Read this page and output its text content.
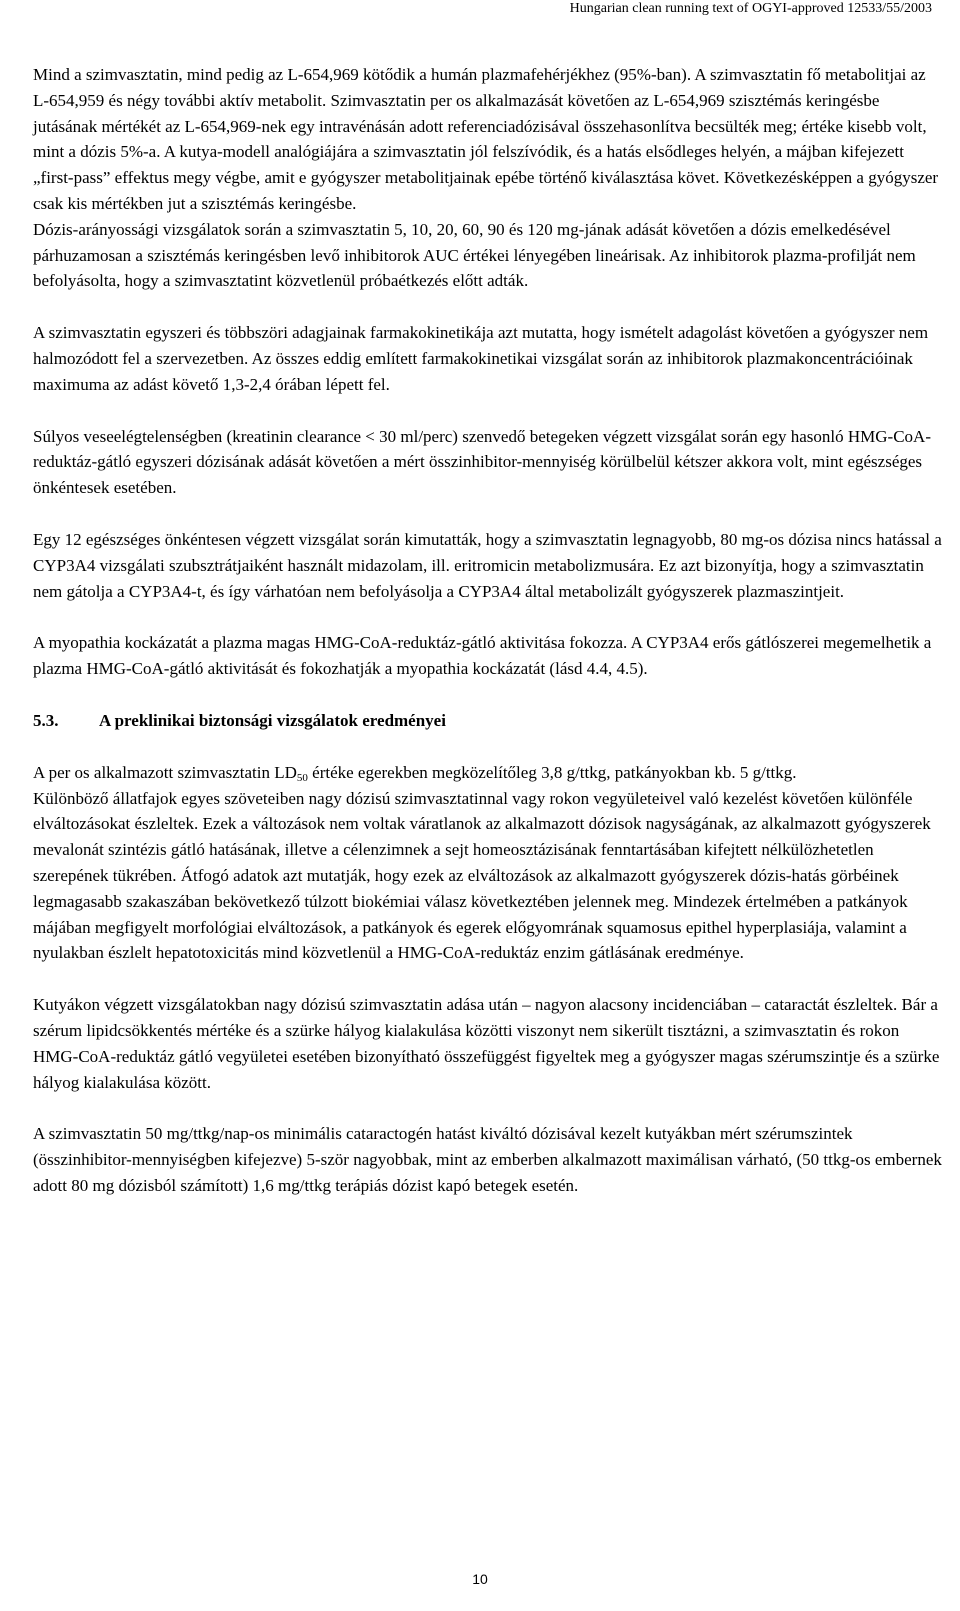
Hungarian clean running text of OGYI-approved 12533/55/2003

Mind a szimvasztatin, mind pedig az L-654,969 kötődik a humán plazmafehérjékhez (95%-ban). A szimvasztatin fő metabolitjai az L-654,959 és négy további aktív metabolit. Szimvasztatin per os alkalmazását követően az L-654,969 szisztémás keringésbe jutásának mértékét az L-654,969-nek egy intravénásán adott referenciadózisával összehasonlítva becsülték meg; értéke kisebb volt, mint a dózis 5%-a. A kutya-modell analógiájára a szimvasztatin jól felszívódik, és a hatás elsődleges helyén, a májban kifejezett „first-pass” effektus megy végbe, amit e gyógyszer metabolitjainak epébe történő kiválasztása követ. Következésképpen a gyógyszer csak kis mértékben jut a szisztémás keringésbe.

Dózis-arányossági vizsgálatok során a szimvasztatin 5, 10, 20, 60, 90 és 120 mg-jának adását követően a dózis emelkedésével párhuzamosan a szisztémás keringésben levő inhibitorok AUC értékei lényegében lineárisak. Az inhibitorok plazma-profilját nem befolyásolta, hogy a szimvasztatint közvetlenül próbaétkezés előtt adták.

A szimvasztatin egyszeri és többszöri adagjainak farmakokinetikája azt mutatta, hogy ismételt adagolást követően a gyógyszer nem halmozódott fel a szervezetben. Az összes eddig említett farmakokinetikai vizsgálat során az inhibitorok plazmakoncentrációinak maximuma az adást követő 1,3-2,4 órában lépett fel.

Súlyos veseelégtelenségben (kreatinin clearance < 30 ml/perc) szenvedő betegeken végzett vizsgálat során egy hasonló HMG-CoA-reduktáz-gátló egyszeri dózisának adását követően a mért összinhibitor-mennyiség körülbelül kétszer akkora volt, mint egészséges önkéntesek esetében.

Egy 12 egészséges önkéntesen végzett vizsgálat során kimutatták, hogy a szimvasztatin legnagyobb, 80 mg-os dózisa nincs hatással a CYP3A4 vizsgálati szubsztrátjaiként használt midazolam, ill. eritromicin metabolizmusára. Ez azt bizonyítja, hogy a szimvasztatin nem gátolja a CYP3A4-t, és így várhatóan nem befolyásolja a CYP3A4 által metabolizált gyógyszerek plazmaszintjeit.

A myopathia kockázatát a plazma magas HMG-CoA-reduktáz-gátló aktivitása fokozza. A CYP3A4 erős gátlószerei megemelhetik a plazma HMG-CoA-gátló aktivitását és fokozhatják a myopathia kockázatát (lásd 4.4, 4.5).

5.3.	A preklinikai biztonsági vizsgálatok eredményei

A per os alkalmazott szimvasztatin $LD_{50}$ értéke egerekben megközelítőleg 3,8 g/ttkg, patkányokban kb. 5 g/ttkg.

Különböző állatfajok egyes szöveteiben nagy dózisú szimvasztatinnal vagy rokon vegyületeivel való kezelést követően különféle elváltozásokat észleltek. Ezek a változások nem voltak váratlanok az alkalmazott dózisok nagyságának, az alkalmazott gyógyszerek mevalonát szintézis gátló hatásának, illetve a célenzimnek a sejt homeosztázisának fenntartásában kifejtett nélkülözhetetlen szerepének tükrében. Átfogó adatok azt mutatják, hogy ezek az elváltozások az alkalmazott gyógyszerek dózis-hatás görbéinek legmagasabb szakaszában bekövetkező túlzott biokémiai válasz következtében jelennek meg. Mindezek értelmében a patkányok májában megfigyelt morfológiai elváltozások, a patkányok és egerek előgyomrának squamosus epithel hyperplasiája, valamint a nyulakban észlelt hepatotoxicitás mind közvetlenül a HMG-CoA-reduktáz enzim gátlásának eredménye.

Kutyákon végzett vizsgálatokban nagy dózisú szimvasztatin adása után – nagyon alacsony incidenciában – cataractát észleltek. Bár a szérum lipidcsökkentés mértéke és a szürke hályog kialakulása közötti viszonyt nem sikerült tisztázni, a szimvasztatin és rokon HMG-CoA-reduktáz gátló vegyületei esetében bizonyítható összefüggést figyeltek meg a gyógyszer magas szérumszintje és a szürke hályog kialakulása között.

A szimvasztatin 50 mg/ttkg/nap-os minimális cataractogén hatást kiváltó dózisával kezelt kutyákban mért szérumszintek (összinhibitor-mennyiségben kifejezve) 5-ször nagyobbak, mint az emberben alkalmazott maximálisan várható, (50 ttkg-os embernek adott 80 mg dózisból számított) 1,6 mg/ttkg terápiás dózist kapó betegek esetén.

10
